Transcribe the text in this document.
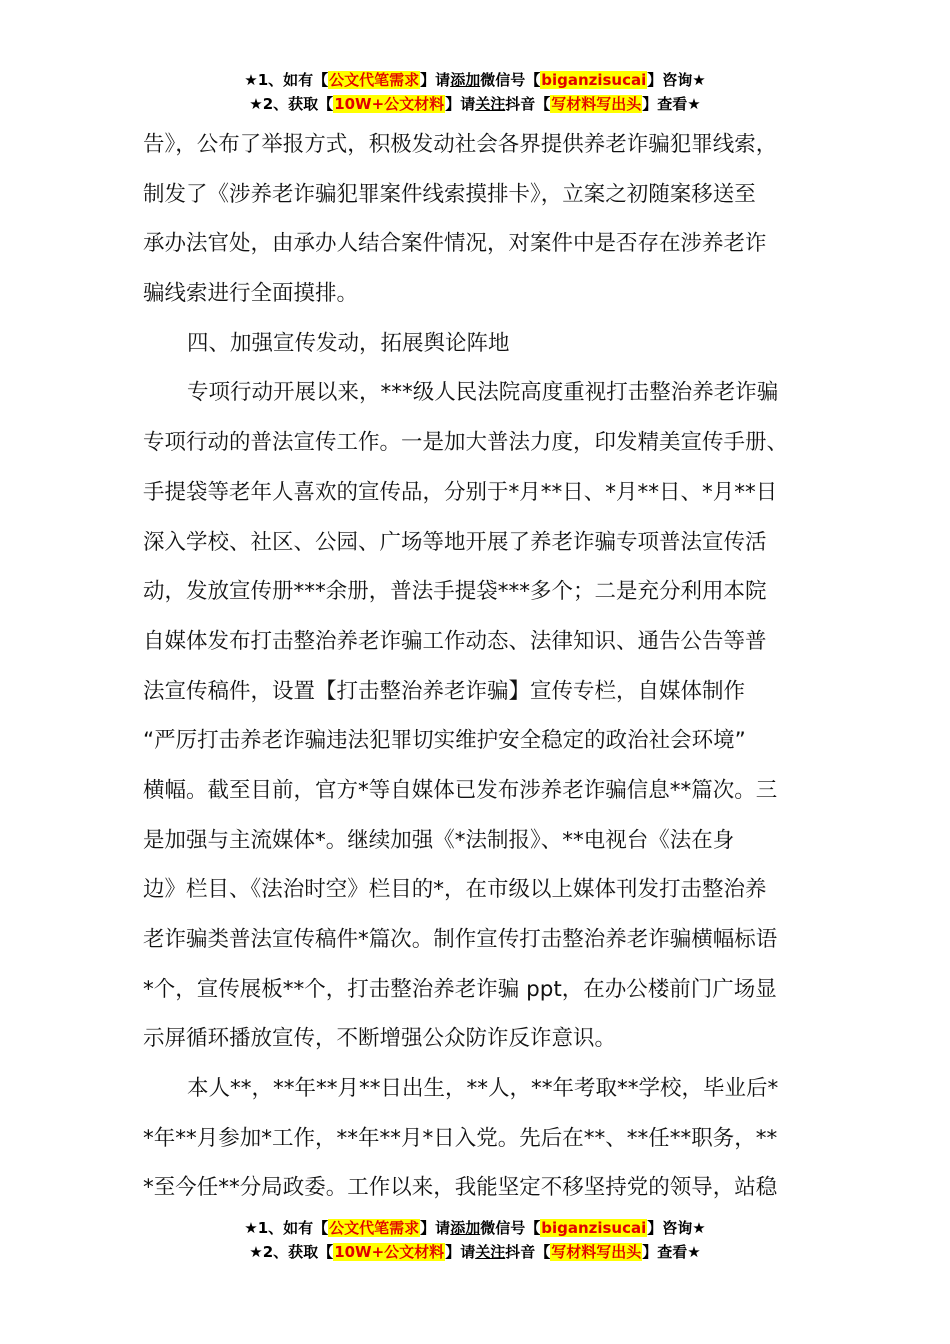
★1、如有【公文代笔需求】请添加微信号【biganzisucai】咨询★
★2、获取【10W+公文材料】请关注抖音【写材料写出头】查看★
告》，公布了举报方式，积极发动社会各界提供养老诈骗犯罪线索，
制发了《涉养老诈骗犯罪案件线索摸排卡》，立案之初随案移送至
承办法官处，由承办人结合案件情况，对案件中是否存在涉养老诈
骗线索进行全面摸排。
四、加强宣传发动，拓展舆论阵地
专项行动开展以来，***级人民法院高度重视打击整治养老诈骗
专项行动的普法宣传工作。一是加大普法力度，印发精美宣传手册、
手提袋等老年人喜欢的宣传品，分别于*月**日、*月**日、*月**日
深入学校、社区、公园、广场等地开展了养老诈骗专项普法宣传活
动，发放宣传册***余册，普法手提袋***多个；二是充分利用本院
自媒体发布打击整治养老诈骗工作动态、法律知识、通告公告等普
法宣传稿件，设置【打击整治养老诈骗】宣传专栏，自媒体制作
“严厉打击养老诈骗违法犯罪切实维护安全稳定的政治社会环境”
横幅。截至目前，官方*等自媒体已发布涉养老诈骗信息**篇次。三
是加强与主流媒体*。继续加强《*法制报》、**电视台《法在身
边》栏目、《法治时空》栏目的*，在市级以上媒体刊发打击整治养
老诈骗类普法宣传稿件*篇次。制作宣传打击整治养老诈骗横幅标语
*个，宣传展板**个，打击整治养老诈骗 ppt，在办公楼前门广场显
示屏循环播放宣传，不断增强公众防诈反诈意识。
本人**，**年**月**日出生，**人，**年考取**学校，毕业后*
*年**月参加*工作，**年**月*日入党。先后在**、**任**职务，**
*至今任**分局政委。工作以来，我能坚定不移坚持党的领导，站稳
★1、如有【公文代笔需求】请添加微信号【biganzisucai】咨询★
★2、获取【10W+公文材料】请关注抖音【写材料写出头】查看★
